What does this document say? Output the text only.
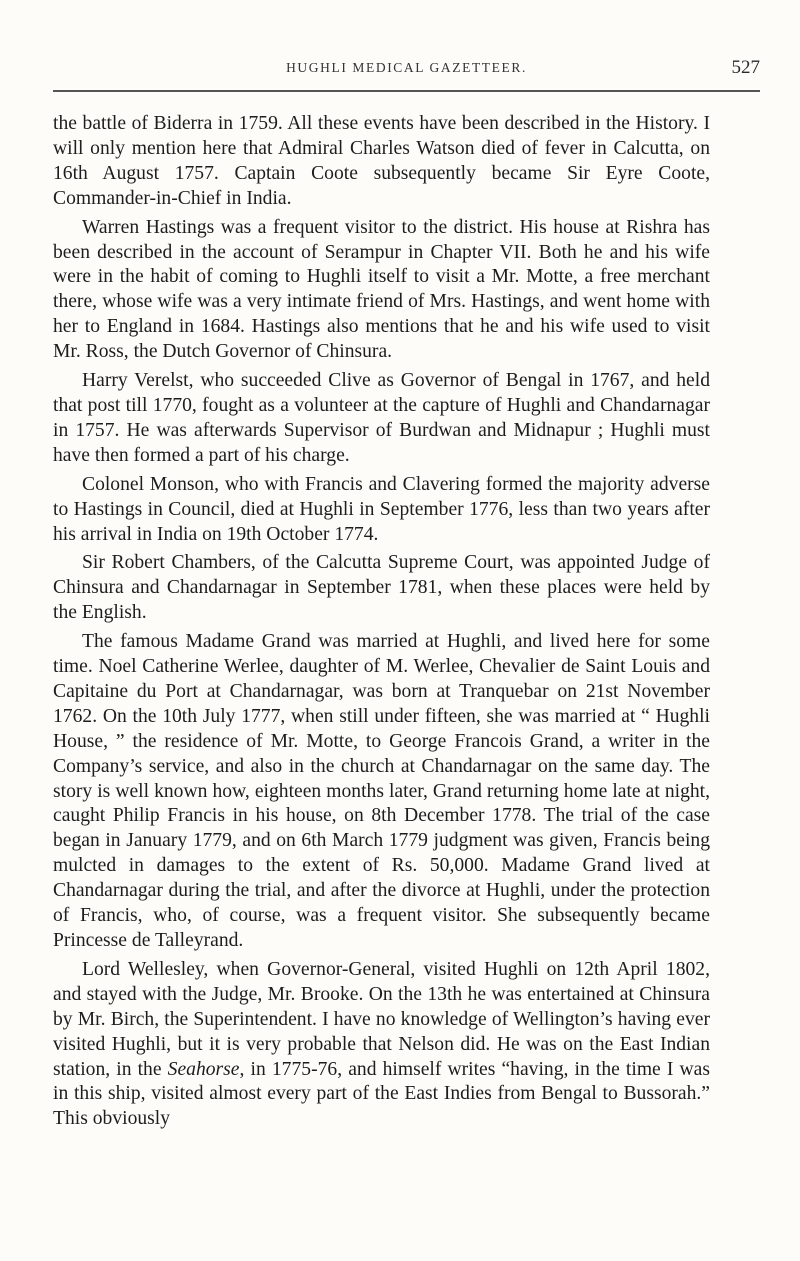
HUGHLI MEDICAL GAZETTEER.	527

the battle of Biderra in 1759. All these events have been described in the History. I will only mention here that Admiral Charles Watson died of fever in Calcutta, on 16th August 1757. Captain Coote subsequently became Sir Eyre Coote, Commander-in-Chief in India.

Warren Hastings was a frequent visitor to the district. His house at Rishra has been described in the account of Serampur in Chapter VII. Both he and his wife were in the habit of coming to Hughli itself to visit a Mr. Motte, a free merchant there, whose wife was a very intimate friend of Mrs. Hastings, and went home with her to England in 1684. Hastings also mentions that he and his wife used to visit Mr. Ross, the Dutch Governor of Chinsura.

Harry Verelst, who succeeded Clive as Governor of Bengal in 1767, and held that post till 1770, fought as a volunteer at the capture of Hughli and Chandarnagar in 1757. He was afterwards Supervisor of Burdwan and Midnapur ; Hughli must have then formed a part of his charge.

Colonel Monson, who with Francis and Clavering formed the majority adverse to Hastings in Council, died at Hughli in September 1776, less than two years after his arrival in India on 19th October 1774.

Sir Robert Chambers, of the Calcutta Supreme Court, was appointed Judge of Chinsura and Chandarnagar in September 1781, when these places were held by the English.

The famous Madame Grand was married at Hughli, and lived here for some time. Noel Catherine Werlee, daughter of M. Werlee, Chevalier de Saint Louis and Capitaine du Port at Chandarnagar, was born at Tranquebar on 21st November 1762. On the 10th July 1777, when still under fifteen, she was married at “ Hughli House, ” the residence of Mr. Motte, to George Francois Grand, a writer in the Company’s service, and also in the church at Chandarnagar on the same day. The story is well known how, eighteen months later, Grand returning home late at night, caught Philip Francis in his house, on 8th December 1778. The trial of the case began in January 1779, and on 6th March 1779 judgment was given, Francis being mulcted in damages to the extent of Rs. 50,000. Madame Grand lived at Chandarnagar during the trial, and after the divorce at Hughli, under the protection of Francis, who, of course, was a frequent visitor. She subsequently became Princesse de Talleyrand.

Lord Wellesley, when Governor-General, visited Hughli on 12th April 1802, and stayed with the Judge, Mr. Brooke. On the 13th he was entertained at Chinsura by Mr. Birch, the Superintendent. I have no knowledge of Wellington’s having ever visited Hughli, but it is very probable that Nelson did. He was on the East Indian station, in the Seahorse, in 1775-76, and himself writes “having, in the time I was in this ship, visited almost every part of the East Indies from Bengal to Bussorah.” This obviously
